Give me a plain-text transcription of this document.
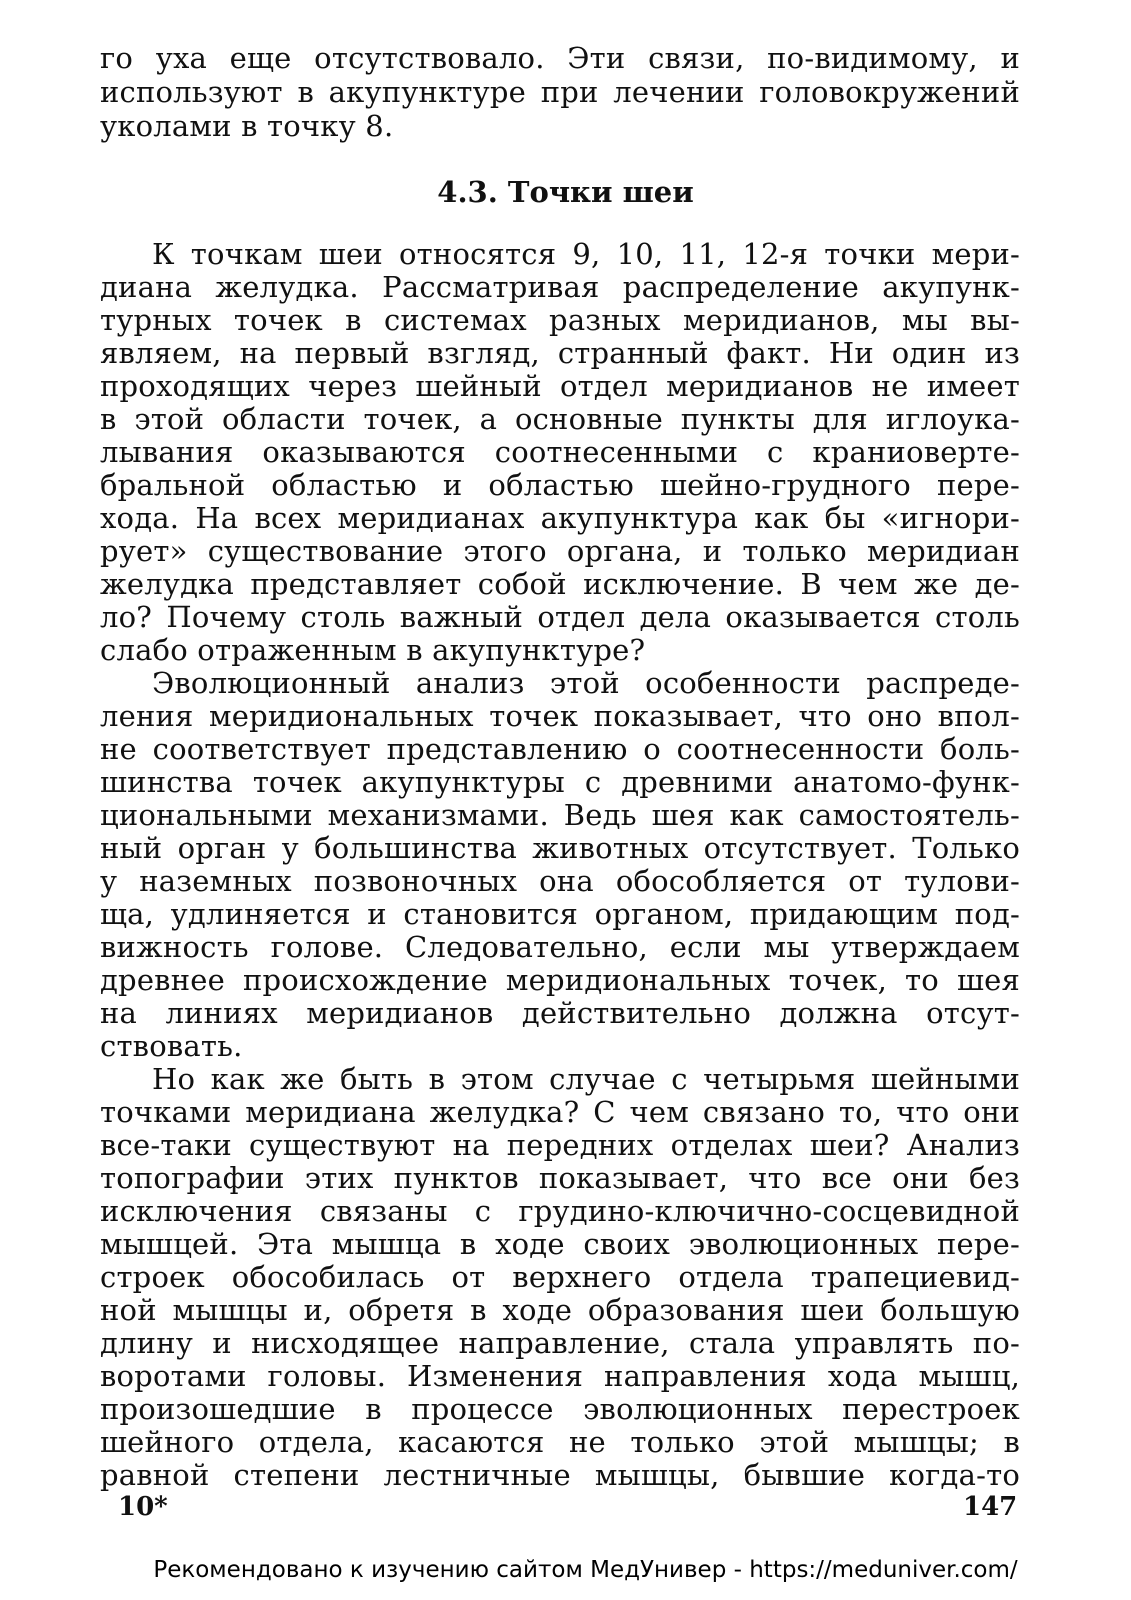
го уха еще отсутствовало. Эти связи, по-видимому, и
используют в акупунктуре при лечении головокружений
уколами в точку 8.
4.3. Точки шеи
К точкам шеи относятся 9, 10, 11, 12-я точки мери-
диана желудка. Рассматривая распределение акупунк-
турных точек в системах разных меридианов, мы вы-
являем, на первый взгляд, странный факт. Ни один из
проходящих через шейный отдел меридианов не имеет
в этой области точек, а основные пункты для иглоука-
лывания оказываются соотнесенными с краниоверте-
бральной областью и областью шейно-грудного пере-
хода. На всех меридианах акупунктура как бы «игнори-
рует» существование этого органа, и только меридиан
желудка представляет собой исключение. В чем же де-
ло? Почему столь важный отдел дела оказывается столь
слабо отраженным в акупунктуре?
Эволюционный анализ этой особенности распреде-
ления меридиональных точек показывает, что оно впол-
не соответствует представлению о соотнесенности боль-
шинства точек акупунктуры с древними анатомо-функ-
циональными механизмами. Ведь шея как самостоятель-
ный орган у большинства животных отсутствует. Только
у наземных позвоночных она обособляется от тулови-
ща, удлиняется и становится органом, придающим под-
вижность голове. Следовательно, если мы утверждаем
древнее происхождение меридиональных точек, то шея
на линиях меридианов действительно должна отсут-
ствовать.
Но как же быть в этом случае с четырьмя шейными
точками меридиана желудка? С чем связано то, что они
все-таки существуют на передних отделах шеи? Анализ
топографии этих пунктов показывает, что все они без
исключения связаны с грудино-ключично-сосцевидной
мышцей. Эта мышца в ходе своих эволюционных пере-
строек обособилась от верхнего отдела трапециевид-
ной мышцы и, обретя в ходе образования шеи большую
длину и нисходящее направление, стала управлять по-
воротами головы. Изменения направления хода мышц,
произошедшие в процессе эволюционных перестроек
шейного отдела, касаются не только этой мышцы; в
равной степени лестничные мышцы, бывшие когда-то
10*	147
Рекомендовано к изучению сайтом МедУнивер - https://meduniver.com/
